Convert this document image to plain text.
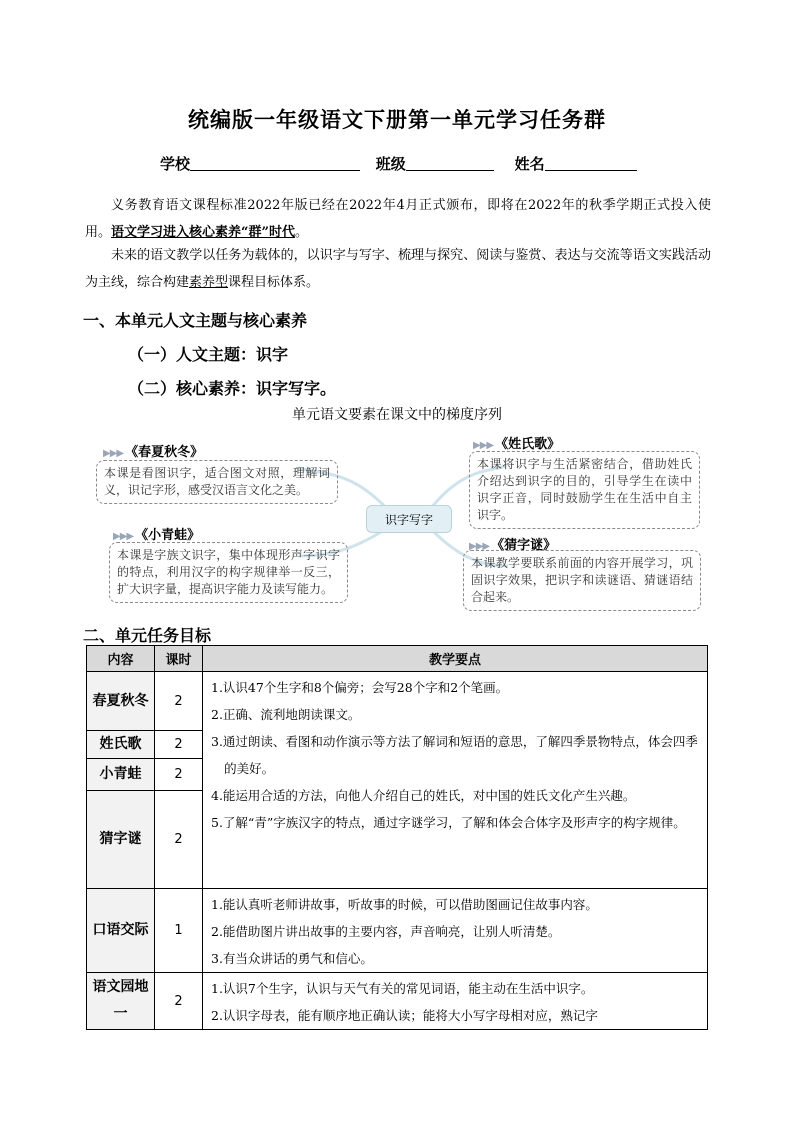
统编版一年级语文下册第一单元学习任务群
学校	班级	姓名
义务教育语文课程标准2022年版已经在2022年4月正式颁布，即将在2022年的秋季学期正式投入使用。语文学习进入核心素养“群”时代。
未来的语文教学以任务为载体的，以识字与写字、梳理与探究、阅读与鉴赏、表达与交流等语文实践活动为主线，综合构建素养型课程目标体系。
一、本单元人文主题与核心素养
（一）人文主题：识字
（二）核心素养：识字写字。
单元语文要素在课文中的梯度序列
识字写字
▶▶▶ 《春夏秋冬》
本课是看图识字，适合图文对照，理解词义，识记字形，感受汉语言文化之美。
▶▶▶ 《小青蛙》
本课是字族文识字，集中体现形声字识字的特点，利用汉字的构字规律举一反三，扩大识字量，提高识字能力及读写能力。
▶▶▶ 《姓氏歌》
本课将识字与生活紧密结合，借助姓氏介绍达到识字的目的，引导学生在读中识字正音，同时鼓励学生在生活中自主识字。
▶▶▶ 《猜字谜》
本课教学要联系前面的内容开展学习，巩固识字效果，把识字和读谜语、猜谜语结合起来。
二、单元任务目标
内容	课时	教学要点
春夏秋冬	2	1.认识47个生字和8个偏旁；会写28个字和2个笔画。
2.正确、流利地朗读课文。
3.通过朗读、看图和动作演示等方法了解词和短语的意思，了解四季景物特点，体会四季的美好。
4.能运用合适的方法，向他人介绍自己的姓氏，对中国的姓氏文化产生兴趣。
5.了解“青”字族汉字的特点，通过字谜学习，了解和体会合体字及形声字的构字规律。

姓氏歌	2	
小青蛙	2	
猜字谜	2	
口语交际	1	1.能认真听老师讲故事，听故事的时候，可以借助图画记住故事内容。
2.能借助图片讲出故事的主要内容，声音响亮，让别人听清楚。
3.有当众讲话的勇气和信心。

语文园地一	2	1.认识7个生字，认识与天气有关的常见词语，能主动在生活中识字。
2.认识字母表，能有顺序地正确认读；能将大小写字母相对应，熟记字
